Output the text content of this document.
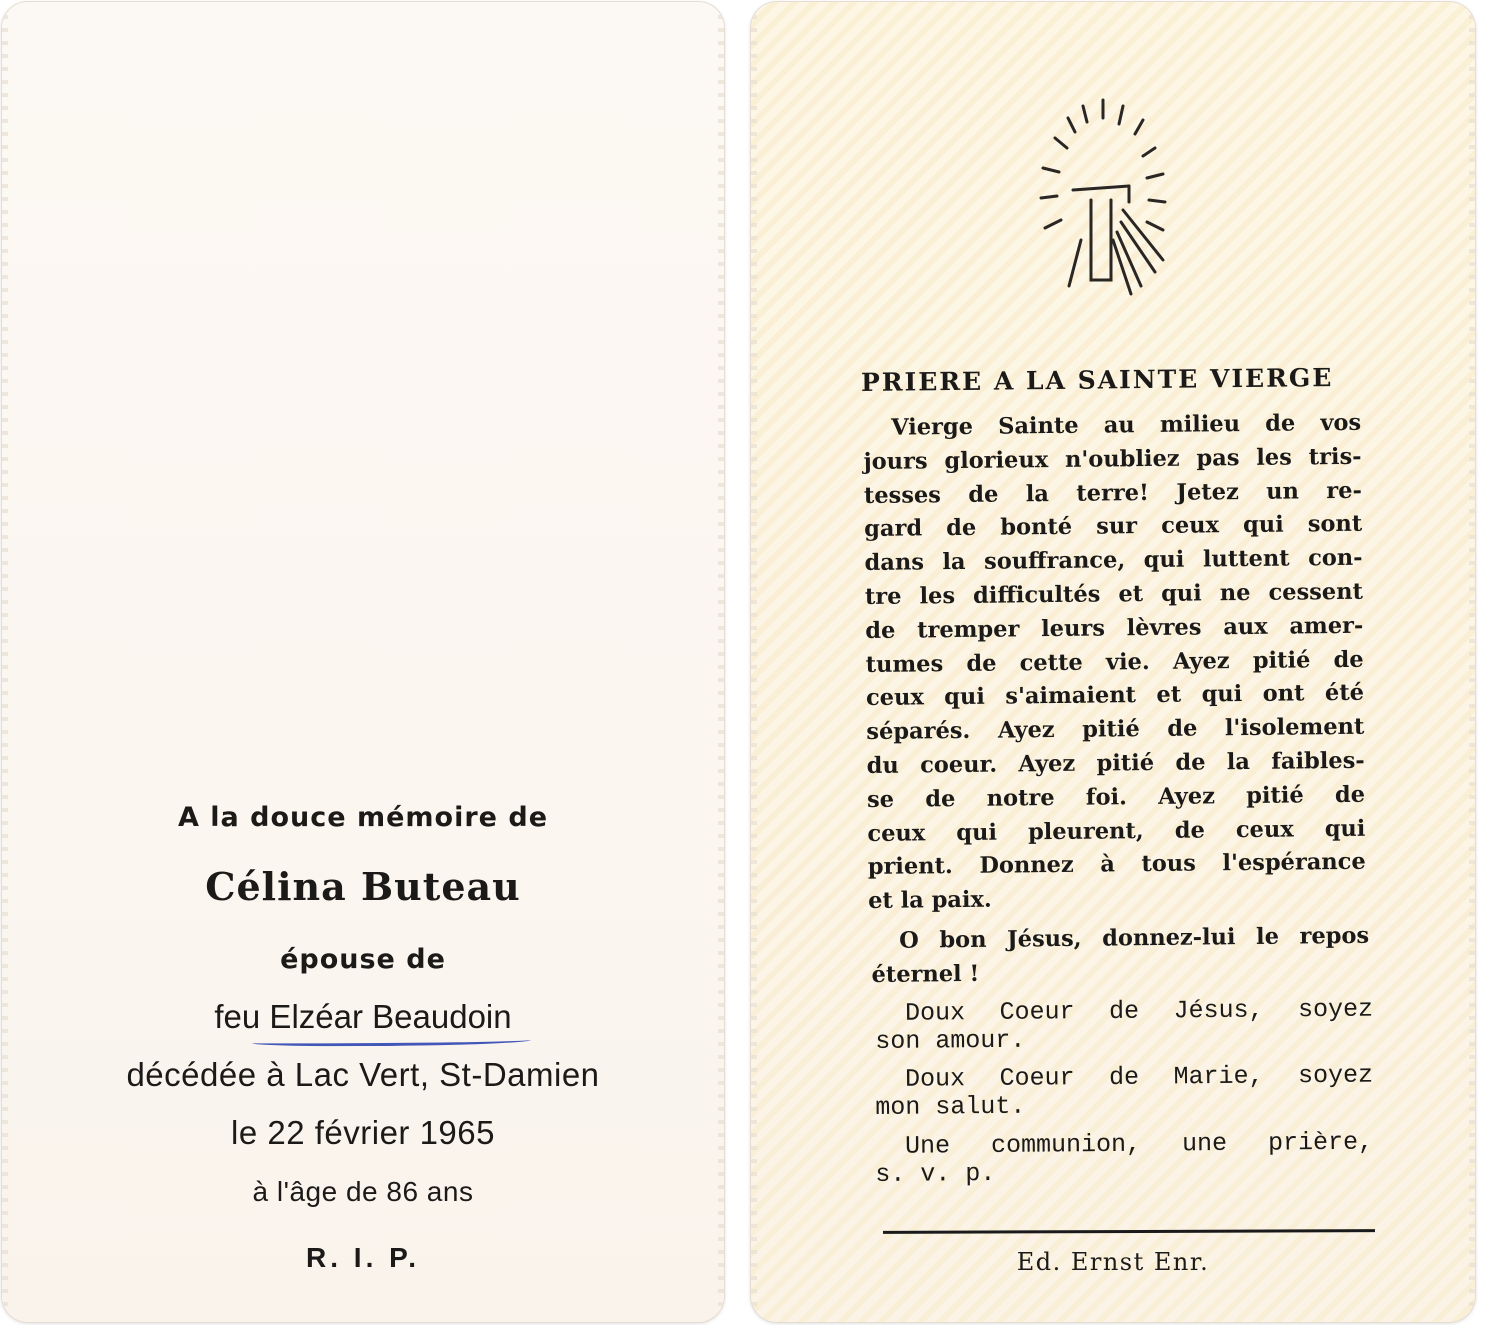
A la douce mémoire de
Célina Buteau
épouse de
feu Elzéar Beaudoin
décédée à Lac Vert, St-Damien
le 22 février 1965
à l'âge de 86 ans
R. I. P.
PRIERE A LA SAINTE VIERGE
Vierge Sainte au milieu de vos
jours glorieux n'oubliez pas les tris-
tesses de la terre! Jetez un re-
gard de bonté sur ceux qui sont
dans la souffrance, qui luttent con-
tre les difficultés et qui ne cessent
de tremper leurs lèvres aux amer-
tumes de cette vie. Ayez pitié de
ceux qui s'aimaient et qui ont été
séparés. Ayez pitié de l'isolement
du coeur. Ayez pitié de la faibles-
se de notre foi. Ayez pitié de
ceux qui pleurent, de ceux qui
prient. Donnez à tous l'espérance
et la paix.
O bon Jésus, donnez-lui le repos
éternel !
Doux Coeur de Jésus, soyez
son amour.
Doux Coeur de Marie, soyez
mon salut.
Une communion, une prière,
s. v. p.
Ed. Ernst Enr.
